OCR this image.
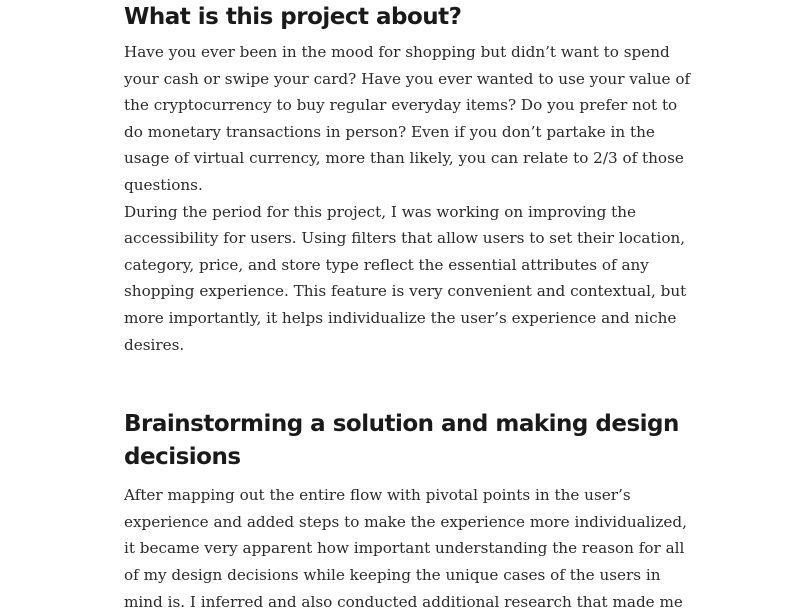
What is this project about?

Have you ever been in the mood for shopping but didn’t want to spend your cash or swipe your card? Have you ever wanted to use your value of the cryptocurrency to buy regular everyday items? Do you prefer not to do monetary transactions in person? Even if you don’t partake in the usage of virtual currency, more than likely, you can relate to 2/3 of those questions.

During the period for this project, I was working on improving the accessibility for users. Using filters that allow users to set their location, category, price, and store type reflect the essential attributes of any shopping experience. This feature is very convenient and contextual, but more importantly, it helps individualize the user’s experience and niche desires.

Brainstorming a solution and making design decisions

After mapping out the entire flow with pivotal points in the user’s experience and added steps to make the experience more individualized, it became very apparent how important understanding the reason for all of my design decisions while keeping the unique cases of the users in mind is. I inferred and also conducted additional research that made me
